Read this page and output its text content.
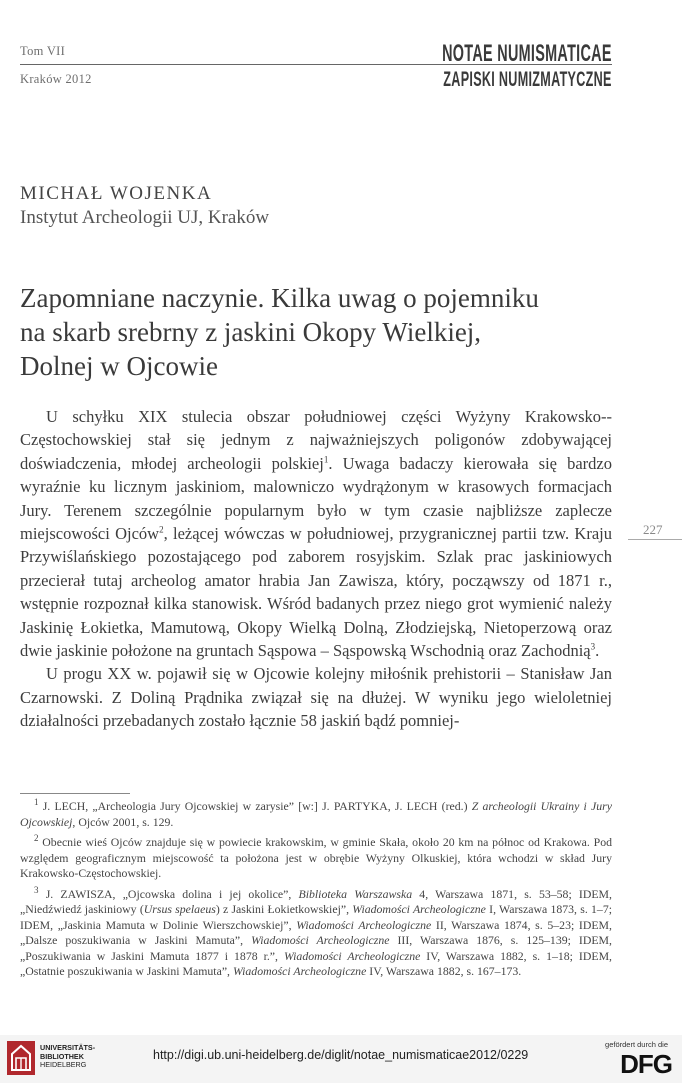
Tom VII
Kraków 2012
NOTAE NUMISMATICAE
ZAPISKI NUMIZMATYCZNE
MICHAŁ WOJENKA
Instytut Archeologii UJ, Kraków
Zapomniane naczynie. Kilka uwag o pojemniku
na skarb srebrny z jaskini Okopy Wielkiej,
Dolnej w Ojcowie
227

U schyłku XIX stulecia obszar południowej części Wyżyny Krakowsko--Częstochowskiej stał się jednym z najważniejszych poligonów zdobywającej doświadczenia, młodej archeologii polskiej$^1$. Uwaga badaczy kierowała się bardzo wyraźnie ku licznym jaskiniom, malowniczo wydrążonym w krasowych formacjach Jury. Terenem szczególnie popularnym było w tym czasie najbliższe zaplecze miejscowości Ojców$^2$, leżącej wówczas w południowej, przygranicznej partii tzw. Kraju Przywiślańskiego pozostającego pod zaborem rosyjskim. Szlak prac jaskiniowych przecierał tutaj archeolog amator hrabia Jan Zawisza, który, począwszy od 1871 r., wstępnie rozpoznał kilka stanowisk. Wśród badanych przez niego grot wymienić należy Jaskinię Łokietka, Mamutową, Okopy Wielką Dolną, Złodziejską, Nietoperzową oraz dwie jaskinie położone na gruntach Sąspowa – Sąspowską Wschodnią oraz Zachodnią$^3$.

U progu XX w. pojawił się w Ojcowie kolejny miłośnik prehistorii – Stanisław Jan Czarnowski. Z Doliną Prądnika związał się na dłużej. W wyniku jego wieloletniej działalności przebadanych zostało łącznie 58 jaskiń bądź pomniej-

$^1$ J. LECH, „Archeologia Jury Ojcowskiej w zarysie” [w:] J. PARTYKA, J. LECH (red.) Z archeologii Ukrainy i Jury Ojcowskiej, Ojców 2001, s. 129.

$^2$ Obecnie wieś Ojców znajduje się w powiecie krakowskim, w gminie Skała, około 20 km na północ od Krakowa. Pod względem geograficznym miejscowość ta położona jest w obrębie Wyżyny Olkuskiej, która wchodzi w skład Jury Krakowsko-Częstochowskiej.

$^3$ J. ZAWISZA, „Ojcowska dolina i jej okolice”, Biblioteka Warszawska 4, Warszawa 1871, s. 53–58; IDEM, „Niedźwiedź jaskiniowy (Ursus spelaeus) z Jaskini Łokietkowskiej”, Wiadomości Archeologiczne I, Warszawa 1873, s. 1–7; IDEM, „Jaskinia Mamuta w Dolinie Wierszchowskiej”, Wiadomości Archeologiczne II, Warszawa 1874, s. 5–23; IDEM, „Dalsze poszukiwania w Jaskini Mamuta”, Wiadomości Archeologiczne III, Warszawa 1876, s. 125–139; IDEM, „Poszukiwania w Jaskini Mamuta 1877 i 1878 r.”, Wiadomości Archeologiczne IV, Warszawa 1882, s. 1–18; IDEM, „Ostatnie poszukiwania w Jaskini Mamuta”, Wiadomości Archeologiczne IV, Warszawa 1882, s. 167–173.

UNIVERSITÄTS-
BIBLIOTHEK
HEIDELBERG
http://digi.ub.uni-heidelberg.de/diglit/notae_numismaticae2012/0229
gefördert durch die
DFG
